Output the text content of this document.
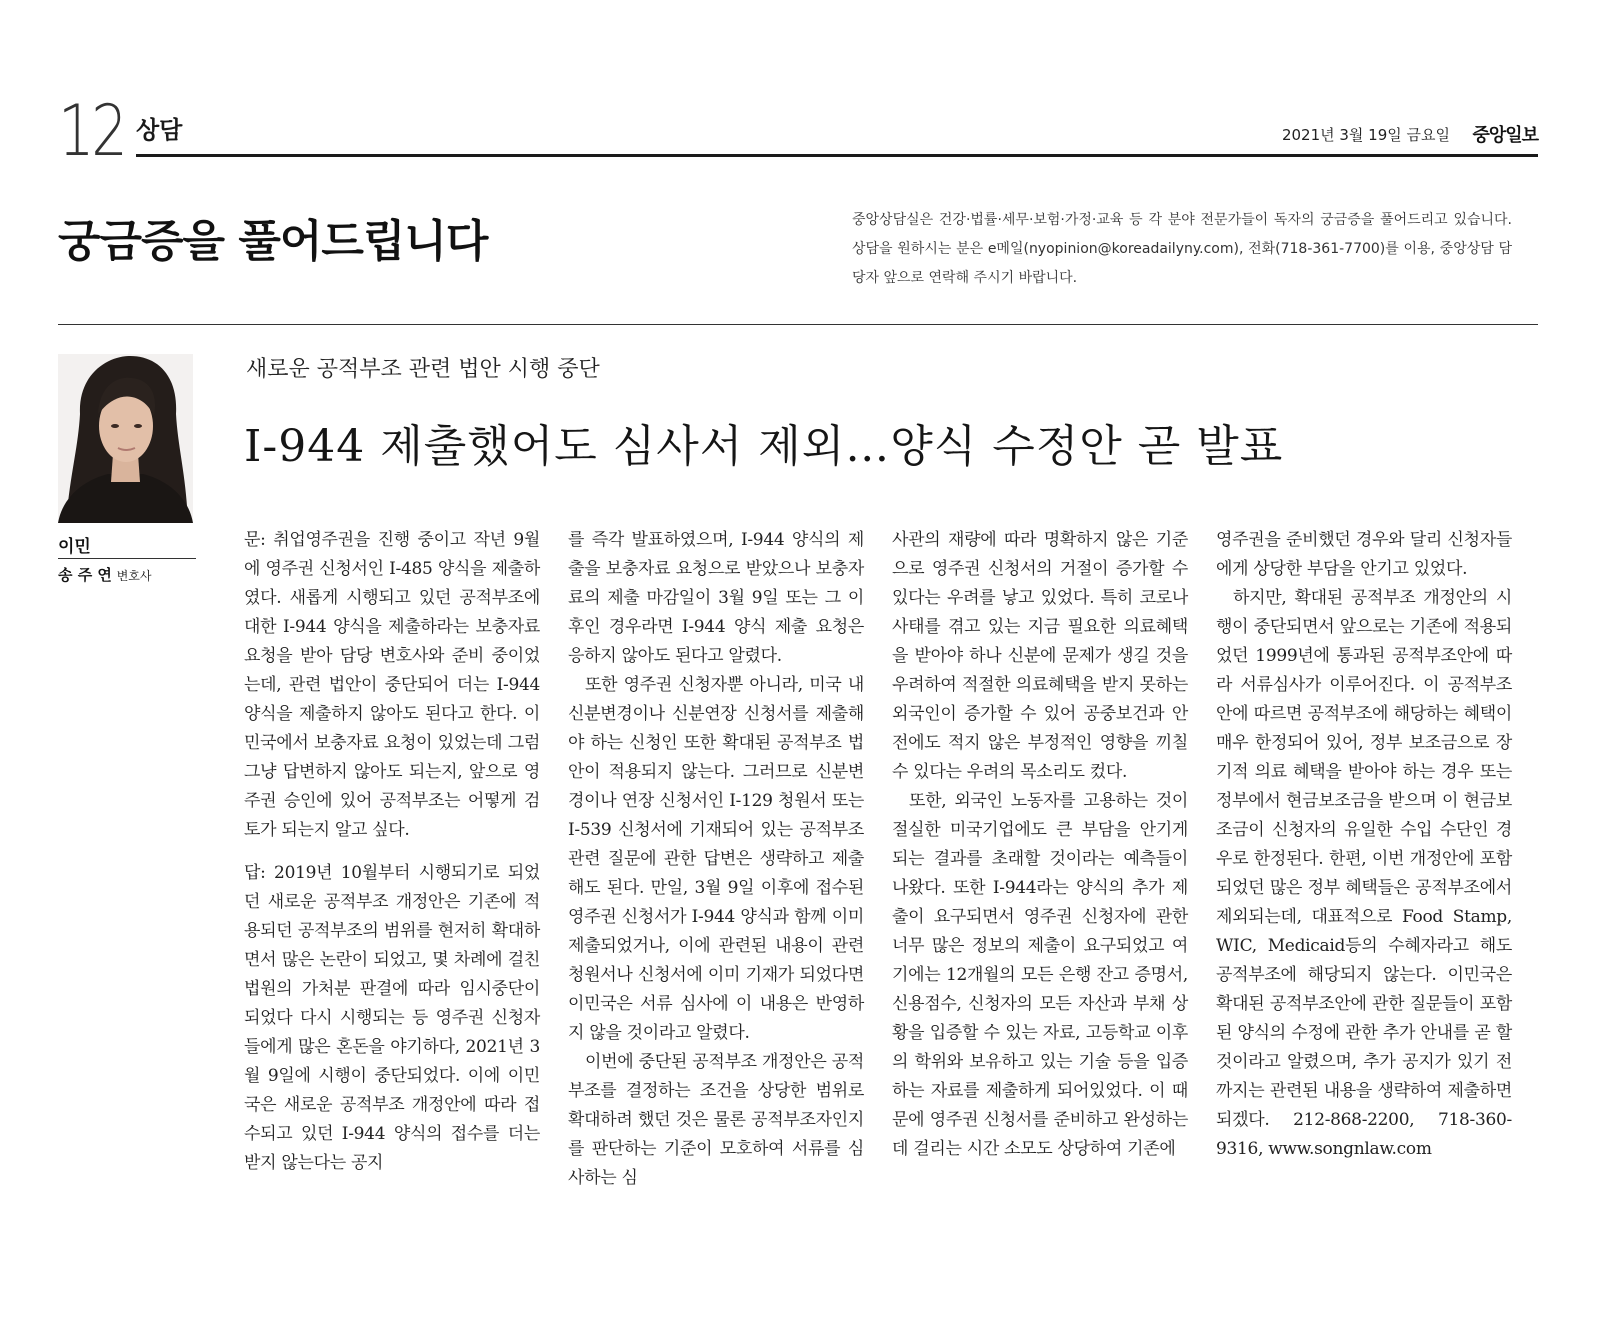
12 상담	2021년 3월 19일 금요일 중앙일보
궁금증을 풀어드립니다	중앙상담실은 건강·법률·세무·보험·가정·교육 등 각 분야 전문가들이 독자의 궁금증을 풀어드리고 있습니다. 상담을 원하시는 분은 e메일(nyopinion@koreadailyny.com), 전화(718-361-7700)를 이용, 중앙상담 담당자 앞으로 연락해 주시기 바랍니다.
이민
송 주 연 변호사
새로운 공적부조 관련 법안 시행 중단
I-944 제출했어도 심사서 제외…양식 수정안 곧 발표

문: 취업영주권을 진행 중이고 작년 9월에 영주권 신청서인 I-485 양식을 제출하였다. 새롭게 시행되고 있던 공적부조에 대한 I-944 양식을 제출하라는 보충자료 요청을 받아 담당 변호사와 준비 중이었는데, 관련 법안이 중단되어 더는 I-944 양식을 제출하지 않아도 된다고 한다. 이민국에서 보충자료 요청이 있었는데 그럼 그냥 답변하지 않아도 되는지, 앞으로 영주권 승인에 있어 공적부조는 어떻게 검토가 되는지 알고 싶다.

답: 2019년 10월부터 시행되기로 되었던 새로운 공적부조 개정안은 기존에 적용되던 공적부조의 범위를 현저히 확대하면서 많은 논란이 되었고, 몇 차례에 걸친 법원의 가처분 판결에 따라 임시중단이 되었다 다시 시행되는 등 영주권 신청자들에게 많은 혼돈을 야기하다, 2021년 3월 9일에 시행이 중단되었다. 이에 이민국은 새로운 공적부조 개정안에 따라 접수되고 있던 I-944 양식의 접수를 더는 받지 않는다는 공지

를 즉각 발표하였으며, I-944 양식의 제출을 보충자료 요청으로 받았으나 보충자료의 제출 마감일이 3월 9일 또는 그 이후인 경우라면 I-944 양식 제출 요청은 응하지 않아도 된다고 알렸다.

또한 영주권 신청자뿐 아니라, 미국 내 신분변경이나 신분연장 신청서를 제출해야 하는 신청인 또한 확대된 공적부조 법안이 적용되지 않는다. 그러므로 신분변경이나 연장 신청서인 I-129 청원서 또는 I-539 신청서에 기재되어 있는 공적부조 관련 질문에 관한 답변은 생략하고 제출해도 된다. 만일, 3월 9일 이후에 접수된 영주권 신청서가 I-944 양식과 함께 이미 제출되었거나, 이에 관련된 내용이 관련 청원서나 신청서에 이미 기재가 되었다면 이민국은 서류 심사에 이 내용은 반영하지 않을 것이라고 알렸다.

이번에 중단된 공적부조 개정안은 공적부조를 결정하는 조건을 상당한 범위로 확대하려 했던 것은 물론 공적부조자인지를 판단하는 기준이 모호하여 서류를 심사하는 심

사관의 재량에 따라 명확하지 않은 기준으로 영주권 신청서의 거절이 증가할 수 있다는 우려를 낳고 있었다. 특히 코로나 사태를 겪고 있는 지금 필요한 의료혜택을 받아야 하나 신분에 문제가 생길 것을 우려하여 적절한 의료혜택을 받지 못하는 외국인이 증가할 수 있어 공중보건과 안전에도 적지 않은 부정적인 영향을 끼칠 수 있다는 우려의 목소리도 컸다.

또한, 외국인 노동자를 고용하는 것이 절실한 미국기업에도 큰 부담을 안기게 되는 결과를 초래할 것이라는 예측들이 나왔다. 또한 I-944라는 양식의 추가 제출이 요구되면서 영주권 신청자에 관한 너무 많은 정보의 제출이 요구되었고 여기에는 12개월의 모든 은행 잔고 증명서, 신용점수, 신청자의 모든 자산과 부채 상황을 입증할 수 있는 자료, 고등학교 이후의 학위와 보유하고 있는 기술 등을 입증하는 자료를 제출하게 되어있었다. 이 때문에 영주권 신청서를 준비하고 완성하는데 걸리는 시간 소모도 상당하여 기존에

영주권을 준비했던 경우와 달리 신청자들에게 상당한 부담을 안기고 있었다.

하지만, 확대된 공적부조 개정안의 시행이 중단되면서 앞으로는 기존에 적용되었던 1999년에 통과된 공적부조안에 따라 서류심사가 이루어진다. 이 공적부조안에 따르면 공적부조에 해당하는 혜택이 매우 한정되어 있어, 정부 보조금으로 장기적 의료 혜택을 받아야 하는 경우 또는 정부에서 현금보조금을 받으며 이 현금보조금이 신청자의 유일한 수입 수단인 경우로 한정된다. 한편, 이번 개정안에 포함되었던 많은 정부 혜택들은 공적부조에서 제외되는데, 대표적으로 Food Stamp, WIC, Medicaid등의 수혜자라고 해도 공적부조에 해당되지 않는다. 이민국은 확대된 공적부조안에 관한 질문들이 포함된 양식의 수정에 관한 추가 안내를 곧 할 것이라고 알렸으며, 추가 공지가 있기 전까지는 관련된 내용을 생략하여 제출하면 되겠다. 212-868-2200, 718-360-9316, www.songnlaw.com
